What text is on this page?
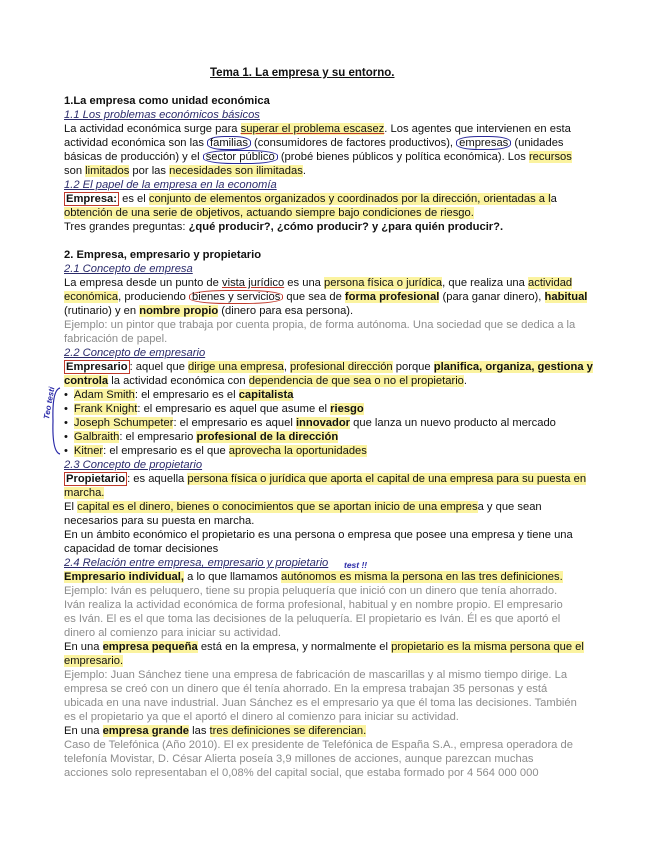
Tema 1. La empresa y su entorno.
1.La empresa como unidad económica
1.1 Los problemas económicos básicos
La actividad económica surge para superar el problema escasez. Los agentes que intervienen en esta
actividad económica son las familias (consumidores de factores productivos), empresas (unidades
básicas de producción) y el sector público (probé bienes públicos y política económica). Los recursos
son limitados por las necesidades son ilimitadas.
1.2 El papel de la empresa en la economía
Empresa: es el conjunto de elementos organizados y coordinados por la dirección, orientadas a la
obtención de una serie de objetivos, actuando siempre bajo condiciones de riesgo.
Tres grandes preguntas: ¿qué producir?, ¿cómo producir? y ¿para quién producir?.
2. Empresa, empresario y propietario
2.1 Concepto de empresa
La empresa desde un punto de vista jurídico es una persona física o jurídica, que realiza una actividad
económica, produciendo bienes y servicios que sea de forma profesional (para ganar dinero), habitual
(rutinario) y en nombre propio (dinero para esa persona).
Ejemplo: un pintor que trabaja por cuenta propia, de forma autónoma. Una sociedad que se dedica a la
fabricación de papel.
2.2 Concepto de empresario
Empresario : aquel que dirige una empresa, profesional dirección porque planifica, organiza, gestiona y
controla la actividad económica con dependencia de que sea o no el propietario.
• Adam Smith: el empresario es el capitalista
• Frank Knight: el empresario es aquel que asume el riesgo
• Joseph Schumpeter: el empresario es aquel innovador que lanza un nuevo producto al mercado
• Galbraith: el empresario profesional de la dirección
• Kitner: el empresario es el que aprovecha la oportunidades
Teo testi
2.3 Concepto de propietario
Propietario : es aquella persona física o jurídica que aporta el capital de una empresa para su puesta en
marcha.
El capital es el dinero, bienes o conocimientos que se aportan inicio de una empresa y que sean
necesarios para su puesta en marcha.
En un ámbito económico el propietario es una persona o empresa que posee una empresa y tiene una
capacidad de tomar decisiones
2.4 Relación entre empresa, empresario y propietario test !!
Empresario individual, a lo que llamamos autónomos es misma la persona en las tres definiciones.
Ejemplo: Iván es peluquero, tiene su propia peluquería que inició con un dinero que tenía ahorrado.
Iván realiza la actividad económica de forma profesional, habitual y en nombre propio. El empresario
es Iván. El es el que toma las decisiones de la peluquería. El propietario es Iván. Él es que aportó el
dinero al comienzo para iniciar su actividad.
En una empresa pequeña está en la empresa, y normalmente el propietario es la misma persona que el
empresario.
Ejemplo: Juan Sánchez tiene una empresa de fabricación de mascarillas y al mismo tiempo dirige. La
empresa se creó con un dinero que él tenía ahorrado. En la empresa trabajan 35 personas y está
ubicada en una nave industrial. Juan Sánchez es el empresario ya que él toma las decisiones. También
es el propietario ya que el aportó el dinero al comienzo para iniciar su actividad.
En una empresa grande las tres definiciones se diferencian.
Caso de Telefónica (Año 2010). El ex presidente de Telefónica de España S.A., empresa operadora de
telefonía Movistar, D. César Alierta poseía 3,9 millones de acciones, aunque parezcan muchas
acciones solo representaban el 0,08% del capital social, que estaba formado por 4 564 000 000
